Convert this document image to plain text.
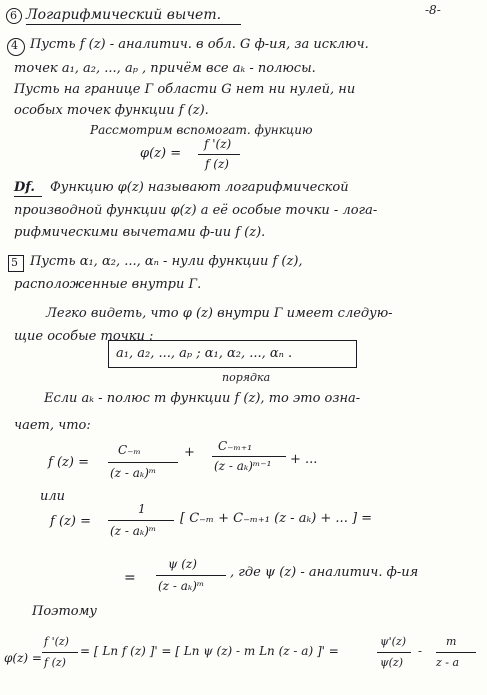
-8-
6 Логарифмический вычет.
4 Пусть f (z) - аналитич. в обл. G ф-ия, за исключ.
точек a₁, a₂, ..., aₚ , причём все aₖ - полюсы.
Пусть на границе Г области G нет ни нулей, ни
особых точек функции f (z).
Рассмотрим вспомогат. функцию
φ(z) =
f '(z)
f (z)
Df. Функцию φ(z) называют логарифмической
производной функции φ(z) а её особые точки - лога-
рифмическими вычетами ф-ии f (z).
5 Пусть α₁, α₂, ..., αₙ - нули функции f (z),
расположенные внутри Г.
Легко видеть, что φ (z) внутри Г имеет следую-
щие особые точки :
a₁, a₂, ..., aₚ ; α₁, α₂, ..., αₙ .
порядка
Если aₖ - полюс m функции f (z), то это озна-
чает, что:
f (z) =
C₋ₘ
(z - aₖ)ᵐ
+ C₋ₘ₊₁
(z - aₖ)ᵐ⁻¹ + ...
или
f (z) =
1
(z - aₖ)ᵐ
[ C₋ₘ + C₋ₘ₊₁ (z - aₖ) + ... ] =
=
ψ (z)
(z - aₖ)ᵐ
, где ψ (z) - аналитич. ф-ия
Поэтому
φ(z) =
f '(z)
f (z)
= [ Ln f (z) ]' = [ Ln ψ (z) - m Ln (z - a) ]' =
ψ'(z)
ψ(z)
-
m
z - a
